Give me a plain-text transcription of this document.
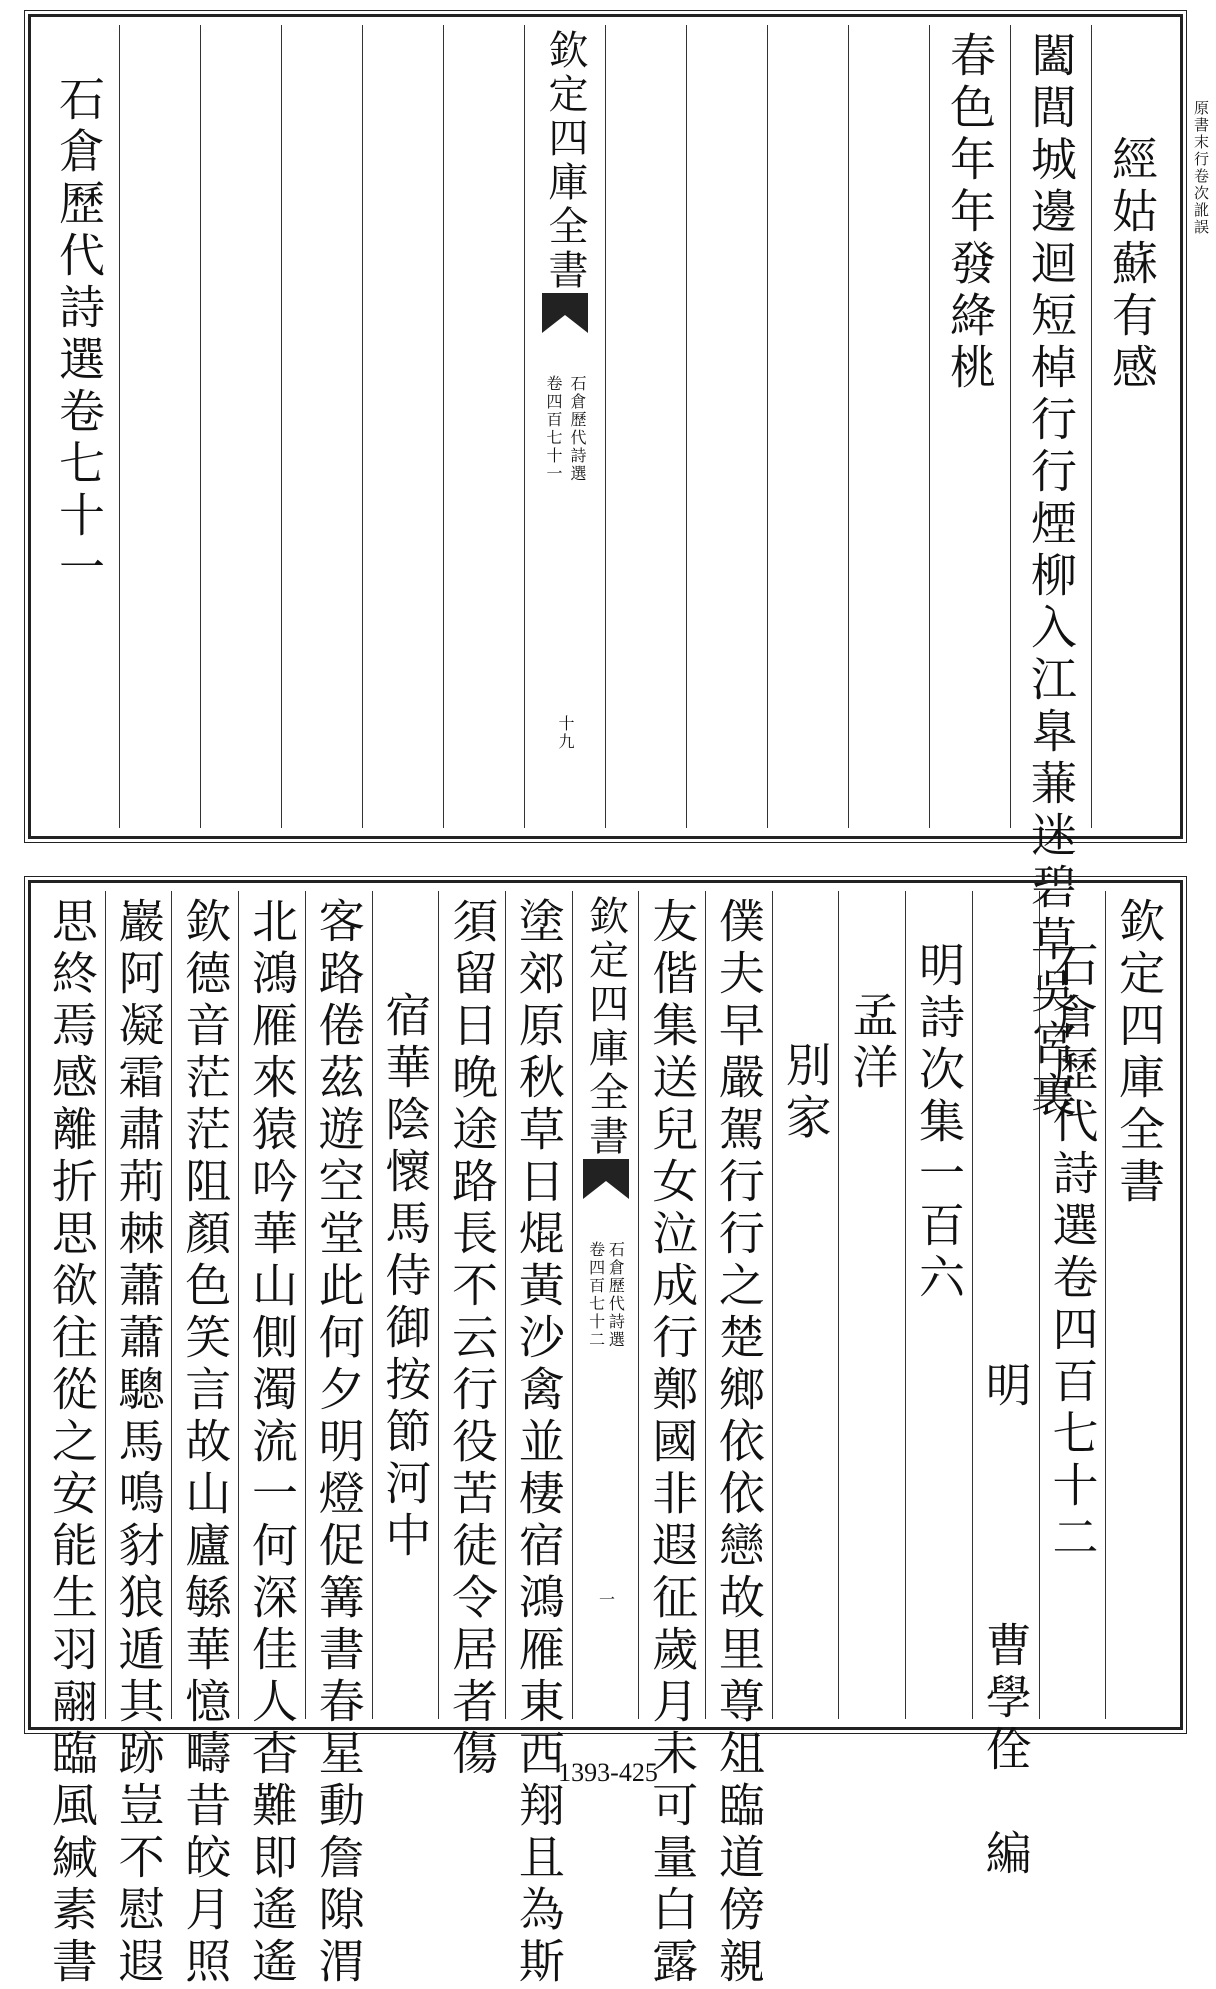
原書末行卷次訛誤
經姑蘇有感
闔閭城邊迴短棹行行煙柳入江臯蒹迷碧草吳宮裏
春色年年發絳桃
欽定四庫全書
石倉歷代詩選
卷四百七十一
十九
石倉歷代詩選卷七十一
欽定四庫全書
石倉歷代詩選卷四百七十二
明　　　　曹學佺　編
明詩次集一百六
孟洋
別家
僕夫早嚴駕行行之楚鄉依依戀故里尊俎臨道傍親
友偕集送兒女泣成行鄭國非遐征歲月未可量白露
欽定四庫全書
石倉歷代詩選
卷四百七十二
一
塗郊原秋草日焜黃沙禽並棲宿鴻雁東西翔且為斯
須留日晚途路長不云行役苦徒令居者傷
宿華陰懷馬侍御按節河中
客路倦茲遊空堂此何夕明燈促篝書春星動詹隙渭
北鴻雁來猿吟華山側濁流一何深佳人杳難即遙遙
欽德音茫茫阻顏色笑言故山廬緐華憶疇昔皎月照
巖阿凝霜肅荊棘蕭蕭驄馬鳴豺狼遁其跡豈不慰遐
思終焉感離折思欲往從之安能生羽翮臨風緘素書	1393-425
